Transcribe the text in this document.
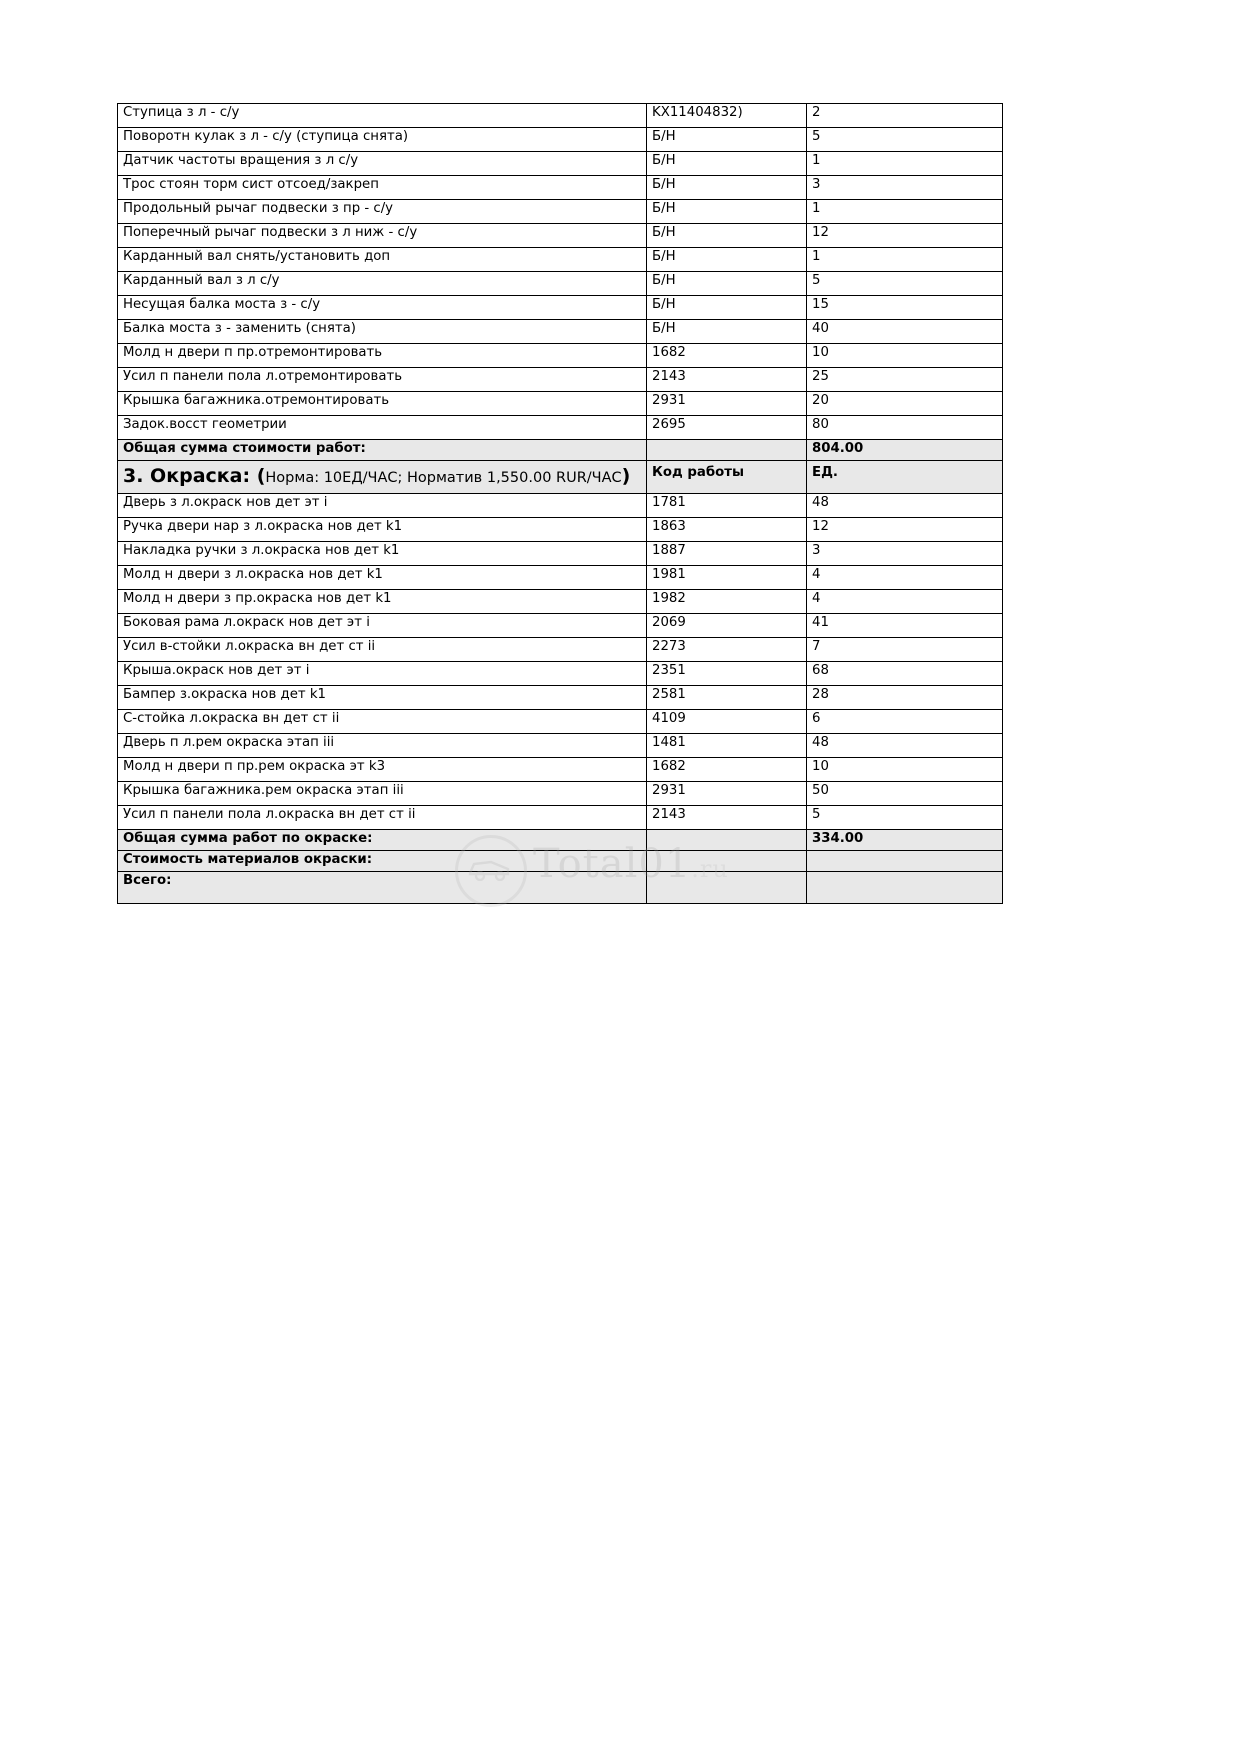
Ступица з л - с/у	KX11404832)	2
Поворотн кулак з л - с/у (ступица снята)	Б/Н	5
Датчик частоты вращения з л с/у	Б/Н	1
Трос стоян торм сист отсоед/закреп	Б/Н	3
Продольный рычаг подвески з пр - с/у	Б/Н	1
Поперечный рычаг подвески з л ниж - с/у	Б/Н	12
Карданный вал снять/установить доп	Б/Н	1
Карданный вал з л с/у	Б/Н	5
Несущая балка моста з - с/у	Б/Н	15
Балка моста з - заменить (снята)	Б/Н	40
Молд н двери п пр.отремонтировать	1682	10
Усил п панели пола л.отремонтировать	2143	25
Крышка багажника.отремонтировать	2931	20
Задок.восст геометрии	2695	80
Общая сумма стоимости работ:		804.00
3. Окраска: (Норма: 10ЕД/ЧАС; Норматив 1,550.00 RUR/ЧАС)	Код работы	ЕД.
Дверь з л.окраск нов дет эт i	1781	48
Ручка двери нар з л.окраска нов дет k1	1863	12
Накладка ручки з л.окраска нов дет k1	1887	3
Молд н двери з л.окраска нов дет k1	1981	4
Молд н двери з пр.окраска нов дет k1	1982	4
Боковая рама л.окраск нов дет эт i	2069	41
Усил в-стойки л.окраска вн дет ст ii	2273	7
Крыша.окраск нов дет эт i	2351	68
Бампер з.окраска нов дет k1	2581	28
С-стойка л.окраска вн дет ст ii	4109	6
Дверь п л.рем окраска этап iii	1481	48
Молд н двери п пр.рем окраска эт k3	1682	10
Крышка багажника.рем окраска этап iii	2931	50
Усил п панели пола л.окраска вн дет ст ii	2143	5
Общая сумма работ по окраске:		334.00
Стоимость материалов окраски:		
Всего:			Total01.ru
